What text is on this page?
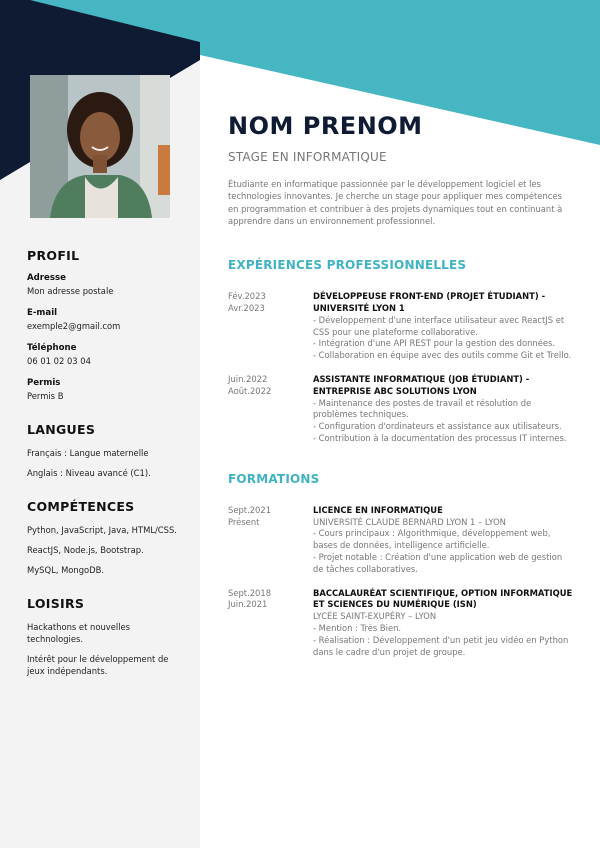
PROFIL
Adresse
Mon adresse postale
E-mail
exemple2@gmail.com
Téléphone
06 01 02 03 04
Permis
Permis B
LANGUES
Français : Langue maternelle
Anglais : Niveau avancé (C1).
COMPÉTENCES
Python, JavaScript, Java, HTML/CSS.
ReactJS, Node.js, Bootstrap.
MySQL, MongoDB.
LOISIRS
Hackathons et nouvelles technologies.
Intérêt pour le développement de jeux indépendants.
NOM PRENOM
STAGE EN INFORMATIQUE
Étudiante en informatique passionnée par le développement logiciel et les technologies innovantes. Je cherche un stage pour appliquer mes compétences en programmation et contribuer à des projets dynamiques tout en continuant à apprendre dans un environnement professionnel.
EXPÉRIENCES PROFESSIONNELLES
Fév.2023
Avr.2023
DÉVELOPPEUSE FRONT-END (PROJET ÉTUDIANT) - UNIVERSITÉ LYON 1
- Développement d'une interface utilisateur avec ReactJS et CSS pour une plateforme collaborative.
- Intégration d'une API REST pour la gestion des données.
- Collaboration en équipe avec des outils comme Git et Trello.
Juin.2022
Août.2022
ASSISTANTE INFORMATIQUE (JOB ÉTUDIANT) - ENTREPRISE ABC SOLUTIONS LYON
- Maintenance des postes de travail et résolution de problèmes techniques.
- Configuration d'ordinateurs et assistance aux utilisateurs.
- Contribution à la documentation des processus IT internes.
FORMATIONS
Sept.2021
Présent
LICENCE EN INFORMATIQUE
UNIVERSITÉ CLAUDE BERNARD LYON 1 – LYON
- Cours principaux : Algorithmique, développement web, bases de données, intelligence artificielle.
- Projet notable : Création d'une application web de gestion de tâches collaboratives.
Sept.2018
Juin.2021
BACCALAURÉAT SCIENTIFIQUE, OPTION INFORMATIQUE ET SCIENCES DU NUMÉRIQUE (ISN)
LYCÉE SAINT-EXUPÉRY – LYON
- Mention : Très Bien.
- Réalisation : Développement d'un petit jeu vidéo en Python dans le cadre d'un projet de groupe.
